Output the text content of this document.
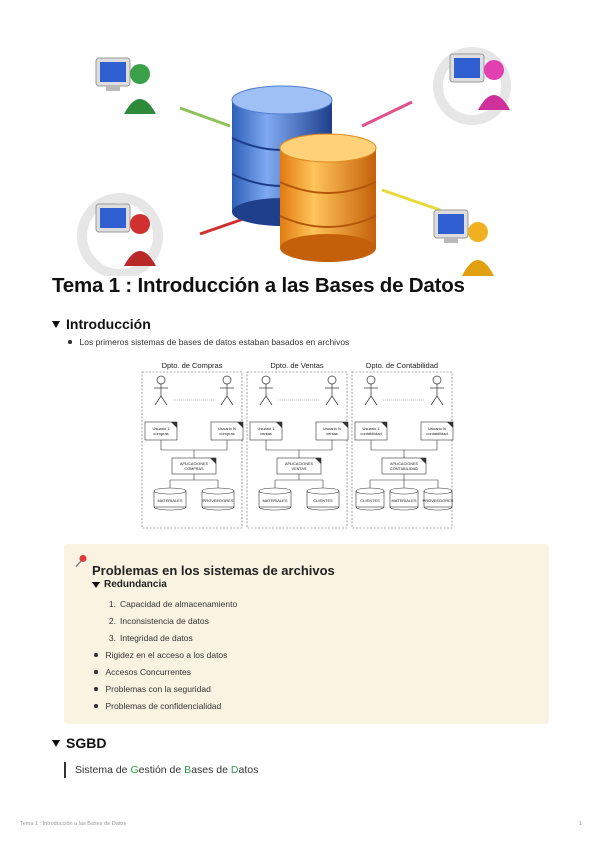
Tema 1 : Introducción a las Bases de Datos
Introducción
Los primeros sistemas de bases de datos estaban basados en archivos
Dpto. de Compras
Usuario 1
compras
Usuario N
compras
APLICACIONES
COMPRAS
MATERIALES	PROVEEDORES
Dpto. de Ventas
Usuario 1
ventas
Usuario N
ventas
APLICACIONES
VENTAS
MATERIALES	CLIENTES
Dpto. de Contabilidad
Usuario 1
contabilidad
Usuario N
contabilidad
APLICACIONES
CONTABILIDAD
CLIENTES	MATERIALES PROVEEDORES
Problemas en los sistemas de archivos
Redundancia
1. Capacidad de almacenamiento
2. Inconsistencia de datos
3. Integridad de datos
Rigidez en el acceso a los datos
Accesos Concurrentes
Problemas con la seguridad
Problemas de confidencialidad
SGBD
Sistema de Gestión de Bases de Datos
Tema 1 : Introducción a las Bases de Datos	1
